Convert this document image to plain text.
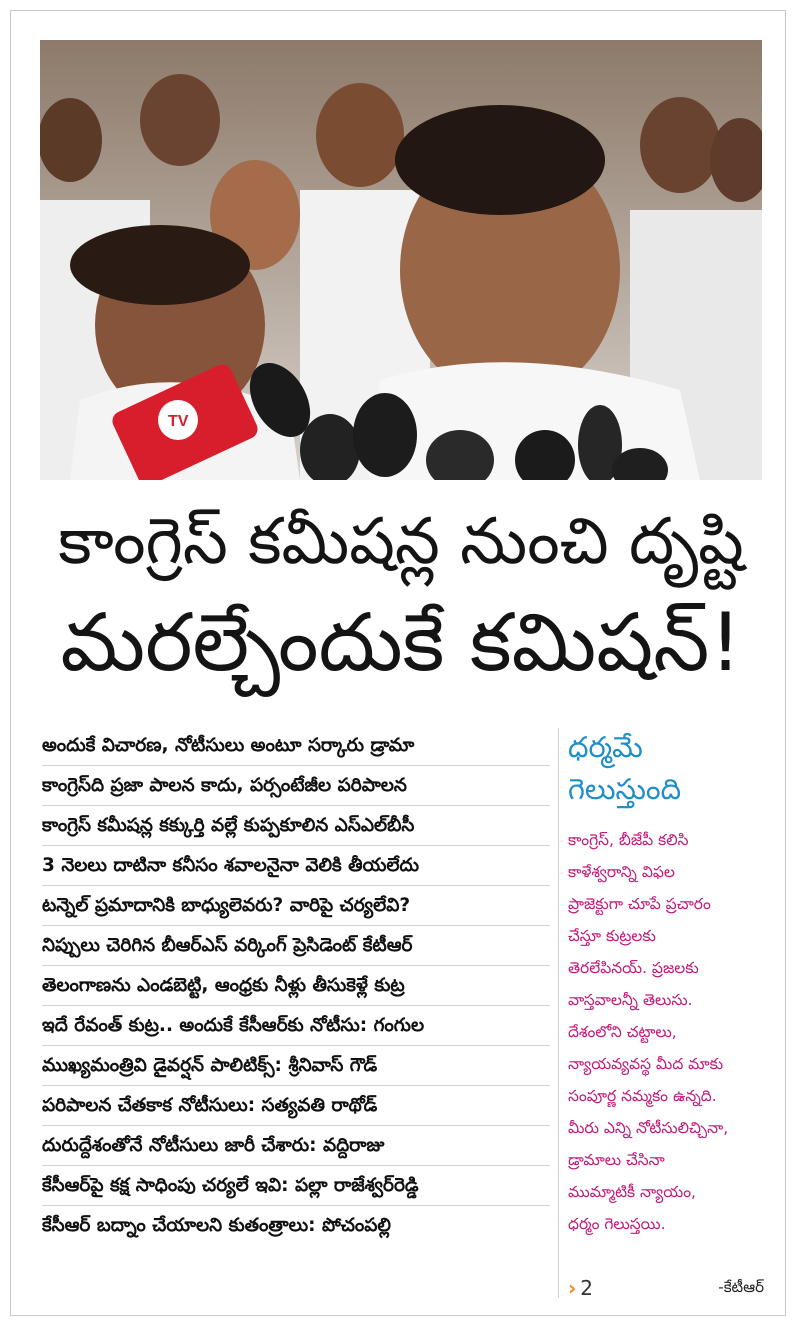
TV
కాంగ్రెస్ కమీషన్ల నుంచి దృష్టి
మరల్చేందుకే కమిషన్!
అందుకే విచారణ, నోటీసులు అంటూ సర్కారు డ్రామా
కాంగ్రెస్‌ది ప్రజా పాలన కాదు, పర్సంటేజీల పరిపాలన
కాంగ్రెస్ కమీషన్ల కక్కుర్తి వల్లే కుప్పకూలిన ఎస్ఎల్‌బీసీ
3 నెలలు దాటినా కనీసం శవాలనైనా వెలికి తీయలేదు
టన్నెల్ ప్రమాదానికి బాధ్యులెవరు? వారిపై చర్యలేవి?
నిప్పులు చెరిగిన బీఆర్ఎస్ వర్కింగ్ ప్రెసిడెంట్ కేటీఆర్
తెలంగాణను ఎండబెట్టి, ఆంధ్రకు నీళ్లు తీసుకెళ్లే కుట్ర
ఇదే రేవంత్ కుట్ర.. అందుకే కేసీఆర్‌కు నోటీసు: గంగుల
ముఖ్యమంత్రివి డైవర్షన్ పాలిటిక్స్: శ్రీనివాస్ గౌడ్
పరిపాలన చేతకాక నోటీసులు: సత్యవతి రాథోడ్
దురుద్దేశంతోనే నోటీసులు జారీ చేశారు: వద్దిరాజు
కేసీఆర్‌పై కక్ష సాధింపు చర్యలే ఇవి: పల్లా రాజేశ్వర్‌రెడ్డి
కేసీఆర్ బద్నాం చేయాలని కుతంత్రాలు: పోచంపల్లి
ధర్మమే
గెలుస్తుంది
కాంగ్రెస్, బీజేపీ కలిసి
కాళేశ్వరాన్ని విఫల
ప్రాజెక్టుగా చూపే ప్రచారం
చేస్తూ కుట్రలకు
తెరలేపినయ్. ప్రజలకు
వాస్తవాలన్నీ తెలుసు.
దేశంలోని చట్టాలు,
న్యాయవ్యవస్థ మీద మాకు
సంపూర్ణ నమ్మకం ఉన్నది.
మీరు ఎన్ని నోటీసులిచ్చినా,
డ్రామాలు చేసినా
ముమ్మాటికీ న్యాయం,
ధర్మం గెలుస్తయి.
› 2	-కేటీఆర్
